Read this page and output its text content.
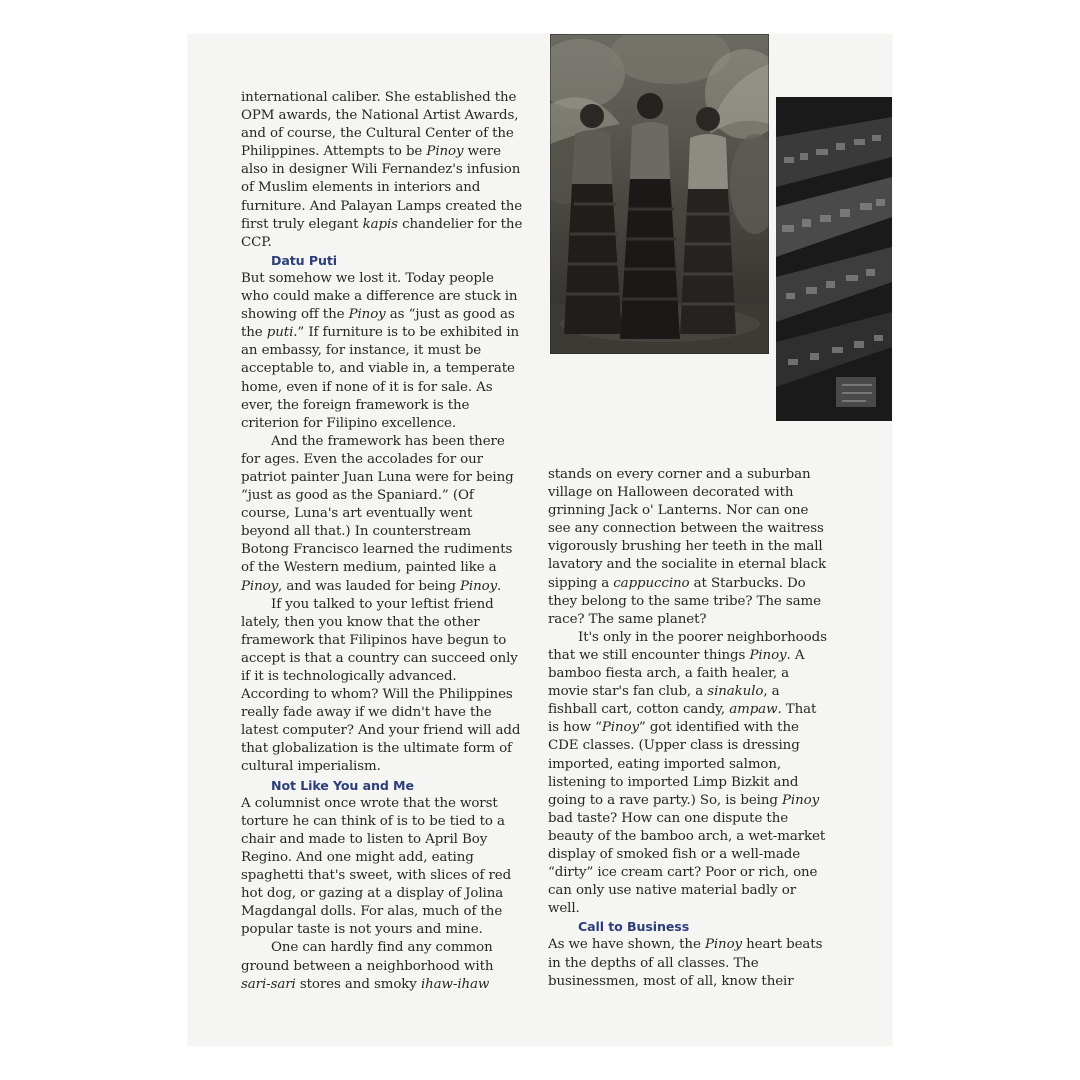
international caliber. She established the OPM awards, the National Artist Awards, and of course, the Cultural Center of the Philippines. Attempts to be Pinoy were also in designer Wili Fernandez's infusion of Muslim elements in interiors and furniture. And Palayan Lamps created the first truly elegant kapis chandelier for the CCP.

Datu Puti

But somehow we lost it. Today people who could make a difference are stuck in showing off the Pinoy as “just as good as the puti.” If furniture is to be exhibited in an embassy, for instance, it must be acceptable to, and viable in, a temperate home, even if none of it is for sale. As ever, the foreign framework is the criterion for Filipino excellence.

And the framework has been there for ages. Even the accolades for our patriot painter Juan Luna were for being “just as good as the Spaniard.” (Of course, Luna's art eventually went beyond all that.) In counterstream Botong Francisco learned the rudiments of the Western medium, painted like a Pinoy, and was lauded for being Pinoy.

If you talked to your leftist friend lately, then you know that the other framework that Filipinos have begun to accept is that a country can succeed only if it is technologically advanced. According to whom? Will the Philippines really fade away if we didn't have the latest computer? And your friend will add that globalization is the ultimate form of cultural imperialism.

Not Like You and Me

A columnist once wrote that the worst torture he can think of is to be tied to a chair and made to listen to April Boy Regino. And one might add, eating spaghetti that's sweet, with slices of red hot dog, or gazing at a display of Jolina Magdangal dolls. For alas, much of the popular taste is not yours and mine.

One can hardly find any common ground between a neighborhood with sari-sari stores and smoky ihaw-ihaw

stands on every corner and a suburban village on Halloween decorated with grinning Jack o' Lanterns. Nor can one see any connection between the waitress vigorously brushing her teeth in the mall lavatory and the socialite in eternal black sipping a cappuccino at Starbucks. Do they belong to the same tribe? The same race? The same planet?

It's only in the poorer neighborhoods that we still encounter things Pinoy. A bamboo fiesta arch, a faith healer, a movie star's fan club, a sinakulo, a fishball cart, cotton candy, ampaw. That is how “Pinoy” got identified with the CDE classes. (Upper class is dressing imported, eating imported salmon, listening to imported Limp Bizkit and going to a rave party.) So, is being Pinoy bad taste? How can one dispute the beauty of the bamboo arch, a wet-market display of smoked fish or a well-made “dirty” ice cream cart? Poor or rich, one can only use native material badly or well.

Call to Business

As we have shown, the Pinoy heart beats in the depths of all classes. The businessmen, most of all, know their
